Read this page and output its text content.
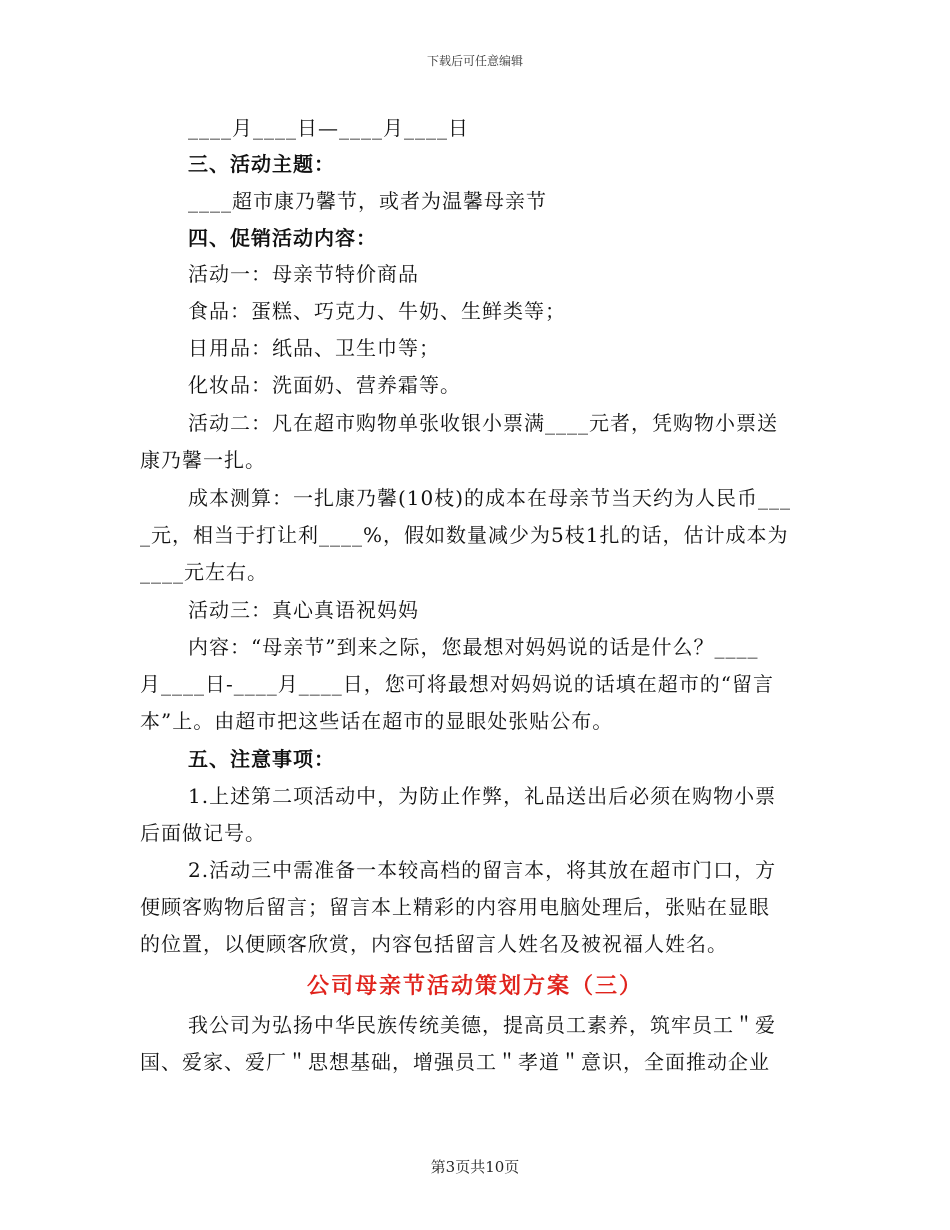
下载后可任意编辑
____月____日—____月____日
三、活动主题：
____超市康乃馨节，或者为温馨母亲节
四、促销活动内容：
活动一：母亲节特价商品
食品：蛋糕、巧克力、牛奶、生鲜类等；
日用品：纸品、卫生巾等；
化妆品：洗面奶、营养霜等。
活动二：凡在超市购物单张收银小票满____元者，凭购物小票送
康乃馨一扎。
成本测算：一扎康乃馨(10枝)的成本在母亲节当天约为人民币___
_元，相当于打让利____%，假如数量减少为5枝1扎的话，估计成本为
____元左右。
活动三：真心真语祝妈妈
内容：“母亲节”到来之际，您最想对妈妈说的话是什么？____
月____日-____月____日，您可将最想对妈妈说的话填在超市的“留言
本”上。由超市把这些话在超市的显眼处张贴公布。
五、注意事项：
1.上述第二项活动中，为防止作弊，礼品送出后必须在购物小票
后面做记号。
2.活动三中需准备一本较高档的留言本，将其放在超市门口，方
便顾客购物后留言；留言本上精彩的内容用电脑处理后，张贴在显眼
的位置，以便顾客欣赏，内容包括留言人姓名及被祝福人姓名。
公司母亲节活动策划方案（三）
我公司为弘扬中华民族传统美德，提高员工素养，筑牢员工＂爱
国、爱家、爱厂＂思想基础，增强员工＂孝道＂意识，全面推动企业
第3页共10页
